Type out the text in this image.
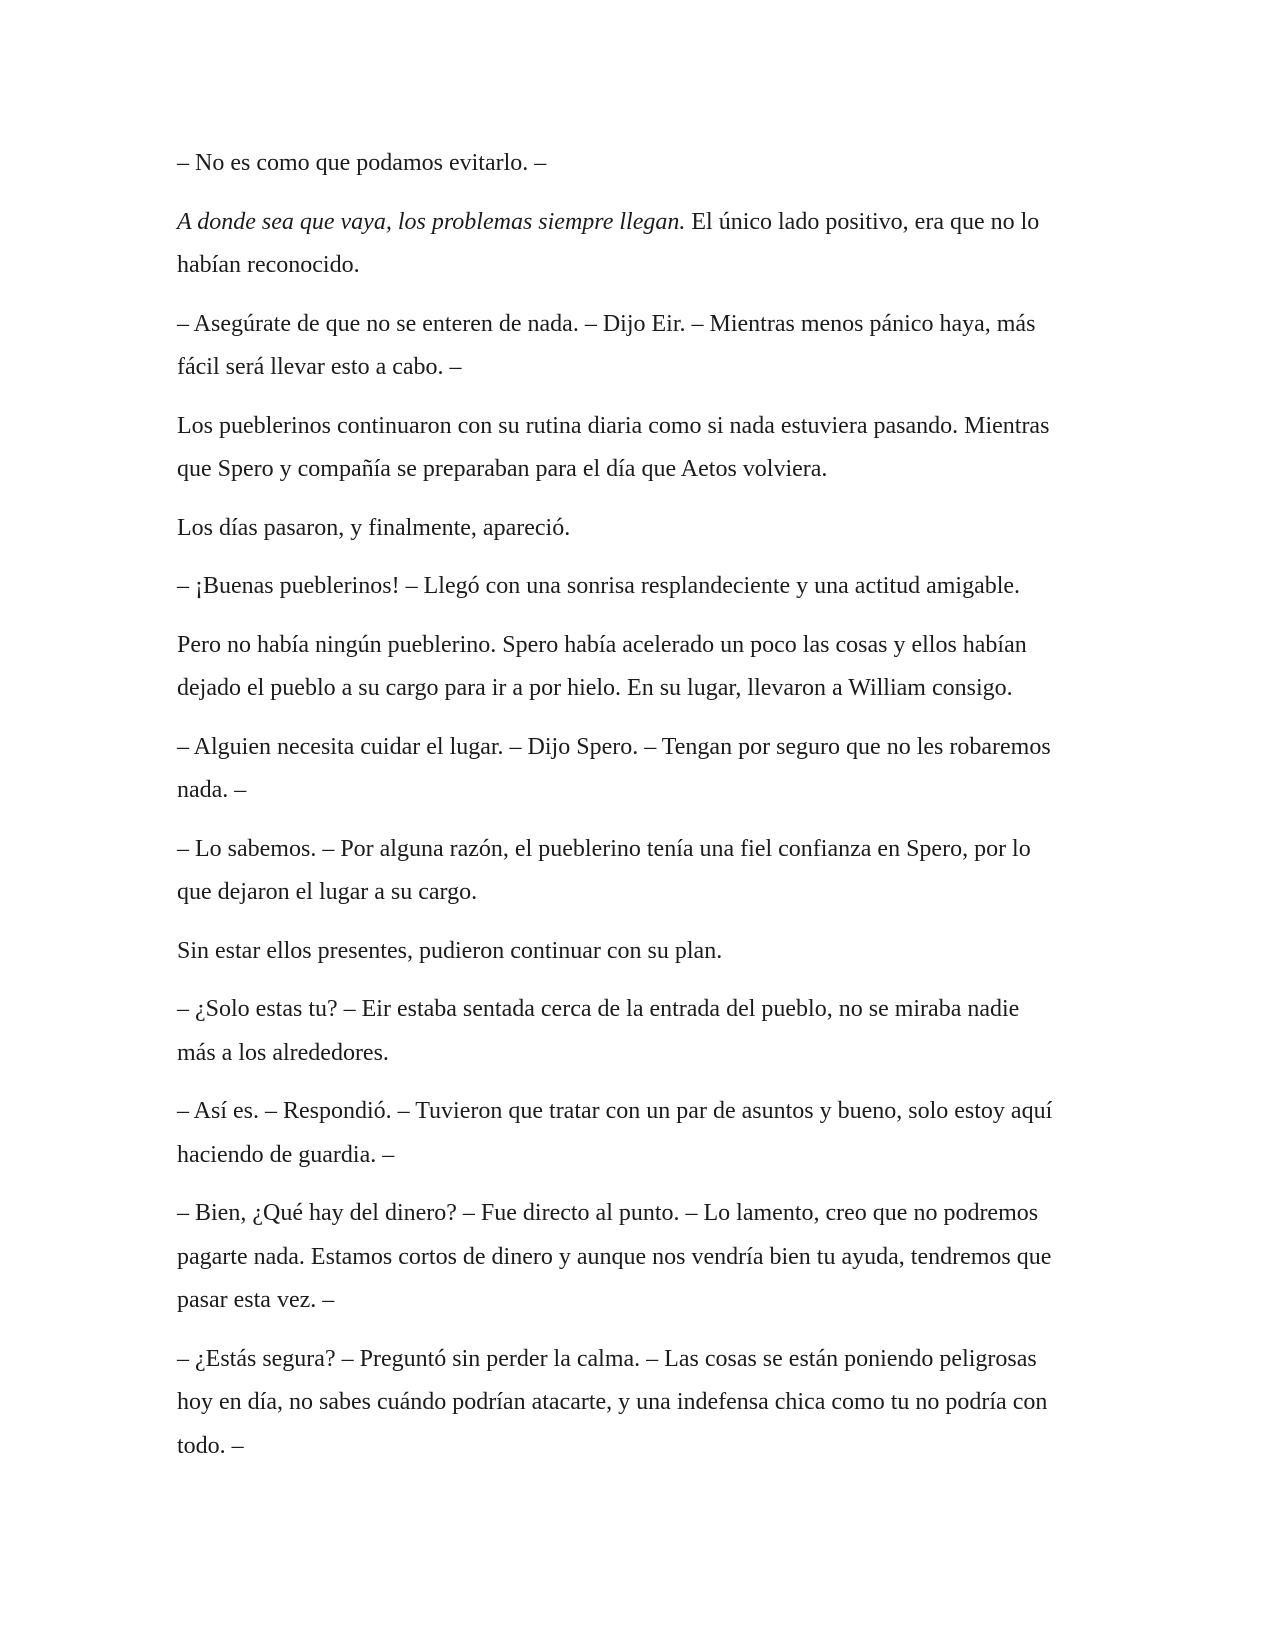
– No es como que podamos evitarlo. –

A donde sea que vaya, los problemas siempre llegan. El único lado positivo, era que no lo
habían reconocido.

– Asegúrate de que no se enteren de nada. – Dijo Eir. – Mientras menos pánico haya, más
fácil será llevar esto a cabo. –

Los pueblerinos continuaron con su rutina diaria como si nada estuviera pasando. Mientras
que Spero y compañía se preparaban para el día que Aetos volviera.

Los días pasaron, y finalmente, apareció.

– ¡Buenas pueblerinos! – Llegó con una sonrisa resplandeciente y una actitud amigable.

Pero no había ningún pueblerino. Spero había acelerado un poco las cosas y ellos habían
dejado el pueblo a su cargo para ir a por hielo. En su lugar, llevaron a William consigo.

– Alguien necesita cuidar el lugar. – Dijo Spero. – Tengan por seguro que no les robaremos
nada. –

– Lo sabemos. – Por alguna razón, el pueblerino tenía una fiel confianza en Spero, por lo
que dejaron el lugar a su cargo.

Sin estar ellos presentes, pudieron continuar con su plan.

– ¿Solo estas tu? – Eir estaba sentada cerca de la entrada del pueblo, no se miraba nadie
más a los alrededores.

– Así es. – Respondió. – Tuvieron que tratar con un par de asuntos y bueno, solo estoy aquí
haciendo de guardia. –

– Bien, ¿Qué hay del dinero? – Fue directo al punto. – Lo lamento, creo que no podremos
pagarte nada. Estamos cortos de dinero y aunque nos vendría bien tu ayuda, tendremos que
pasar esta vez. –

– ¿Estás segura? – Preguntó sin perder la calma. – Las cosas se están poniendo peligrosas
hoy en día, no sabes cuándo podrían atacarte, y una indefensa chica como tu no podría con
todo. –
